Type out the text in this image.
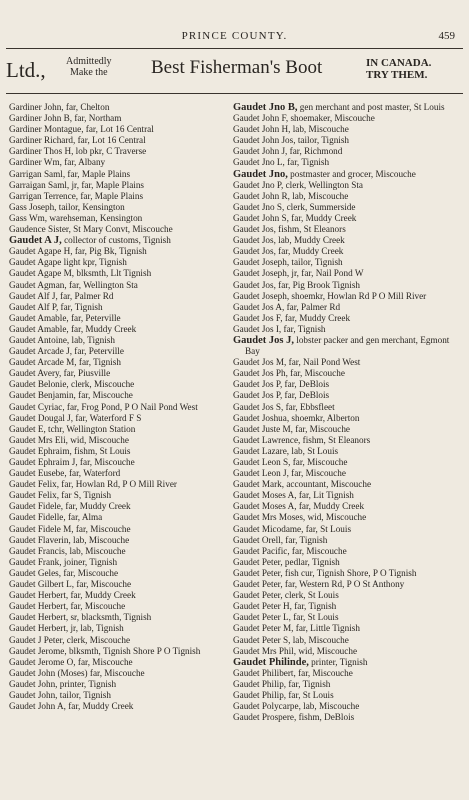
PRINCE COUNTY.	459
Ltd., Admittedly
Make the Best Fisherman's Boot	IN CANADA.
TRY THEM.
Gardiner John, far, Chelton
Gardiner John B, far, Northam
Gardiner Montague, far, Lot 16 Central
Gardiner Richard, far, Lot 16 Central
Gardiner Thos H, lob pkr, C Traverse
Gardiner Wm, far, Albany
Garrigan Saml, far, Maple Plains
Garraigan Saml, jr, far, Maple Plains
Garrigan Terrence, far, Maple Plains
Gass Joseph, tailor, Kensington
Gass Wm, warehseman, Kensington
Gaudence Sister, St Mary Convt, Miscouche
Gaudet A J, collector of customs, Tignish
Gaudet Agape H, far, Pig Bk, Tignish
Gaudet Agape light kpr, Tignish
Gaudet Agape M, blksmth, Llt Tignish
Gaudet Agman, far, Wellington Sta
Gaudet Alf J, far, Palmer Rd
Gaudet Alf P, far, Tignish
Gaudet Amable, far, Peterville
Gaudet Amable, far, Muddy Creek
Gaudet Antoine, lab, Tignish
Gaudet Arcade J, far, Peterville
Gaudet Arcade M, far, Tignish
Gaudet Avery, far, Piusville
Gaudet Belonie, clerk, Miscouche
Gaudet Benjamin, far, Miscouche
Gaudet Cyriac, far, Frog Pond, P O Nail Pond West
Gaudet Dougal J, far, Waterford F S
Gaudet E, tchr, Wellington Station
Gaudet Mrs Eli, wid, Miscouche
Gaudet Ephraim, fishm, St Louis
Gaudet Ephraim J, far, Miscouche
Gaudet Eusebe, far, Waterford
Gaudet Felix, far, Howlan Rd, P O Mill River
Gaudet Felix, far S, Tignish
Gaudet Fidele, far, Muddy Creek
Gaudet Fidelle, far, Alma
Gaudet Fidele M, far, Miscouche
Gaudet Flaverin, lab, Miscouche
Gaudet Francis, lab, Miscouche
Gaudet Frank, joiner, Tignish
Gaudet Geles, far, Miscouche
Gaudet Gilbert L, far, Miscouche
Gaudet Herbert, far, Muddy Creek
Gaudet Herbert, far, Miscouche
Gaudet Herbert, sr, blacksmth, Tignish
Gaudet Herbert, jr, lab, Tignish
Gaudet J Peter, clerk, Miscouche
Gaudet Jerome, blksmth, Tignish Shore P O Tignish
Gaudet Jerome O, far, Miscouche
Gaudet John (Moses) far, Miscouche
Gaudet John, printer, Tignish
Gaudet John, tailor, Tignish
Gaudet John A, far, Muddy Creek
Gaudet Jno B, gen merchant and post master, St Louis
Gaudet John F, shoemaker, Miscouche
Gaudet John H, lab, Miscouche
Gaudet John Jos, tailor, Tignish
Gaudet John J, far, Richmond
Gaudet Jno L, far, Tignish
Gaudet Jno, postmaster and grocer, Miscouche
Gaudet Jno P, clerk, Wellington Sta
Gaudet John R, lab, Miscouche
Gaudet Jno S, clerk, Summerside
Gaudet John S, far, Muddy Creek
Gaudet Jos, fishm, St Eleanors
Gaudet Jos, lab, Muddy Creek
Gaudet Jos, far, Muddy Creek
Gaudet Joseph, tailor, Tignish
Gaudet Joseph, jr, far, Nail Pond W
Gaudet Jos, far, Pig Brook Tignish
Gaudet Joseph, shoemkr, Howlan Rd P O Mill River
Gaudet Jos A, far, Palmer Rd
Gaudet Jos F, far, Muddy Creek
Gaudet Jos I, far, Tignish
Gaudet Jos J, lobster packer and gen merchant, Egmont Bay
Gaudet Jos M, far, Nail Pond West
Gaudet Jos Ph, far, Miscouche
Gaudet Jos P, far, DeBlois
Gaudet Jos P, far, DeBlois
Gaudet Jos S, far, Ebbsfleet
Gaudet Joshua, shoemkr, Alberton
Gaudet Juste M, far, Miscouche
Gaudet Lawrence, fishm, St Eleanors
Gaudet Lazare, lab, St Louis
Gaudet Leon S, far, Miscouche
Gaudet Leon J, far, Miscouche
Gaudet Mark, accountant, Miscouche
Gaudet Moses A, far, Lit Tignish
Gaudet Moses A, far, Muddy Creek
Gaudet Mrs Moses, wid, Miscouche
Gaudet Micodame, far, St Louis
Gaudet Orell, far, Tignish
Gaudet Pacific, far, Miscouche
Gaudet Peter, pedlar, Tignish
Gaudet Peter, fish cur, Tignish Shore, P O Tignish
Gaudet Peter, far, Western Rd, P O St Anthony
Gaudet Peter, clerk, St Louis
Gaudet Peter H, far, Tignish
Gaudet Peter L, far, St Louis
Gaudet Peter M, far, Little Tignish
Gaudet Peter S, lab, Miscouche
Gaudet Mrs Phil, wid, Miscouche
Gaudet Philinde, printer, Tignish
Gaudet Philibert, far, Miscouche
Gaudet Philip, far, Tignish
Gaudet Philip, far, St Louis
Gaudet Polycarpe, lab, Miscouche
Gaudet Prospere, fishm, DeBlois
